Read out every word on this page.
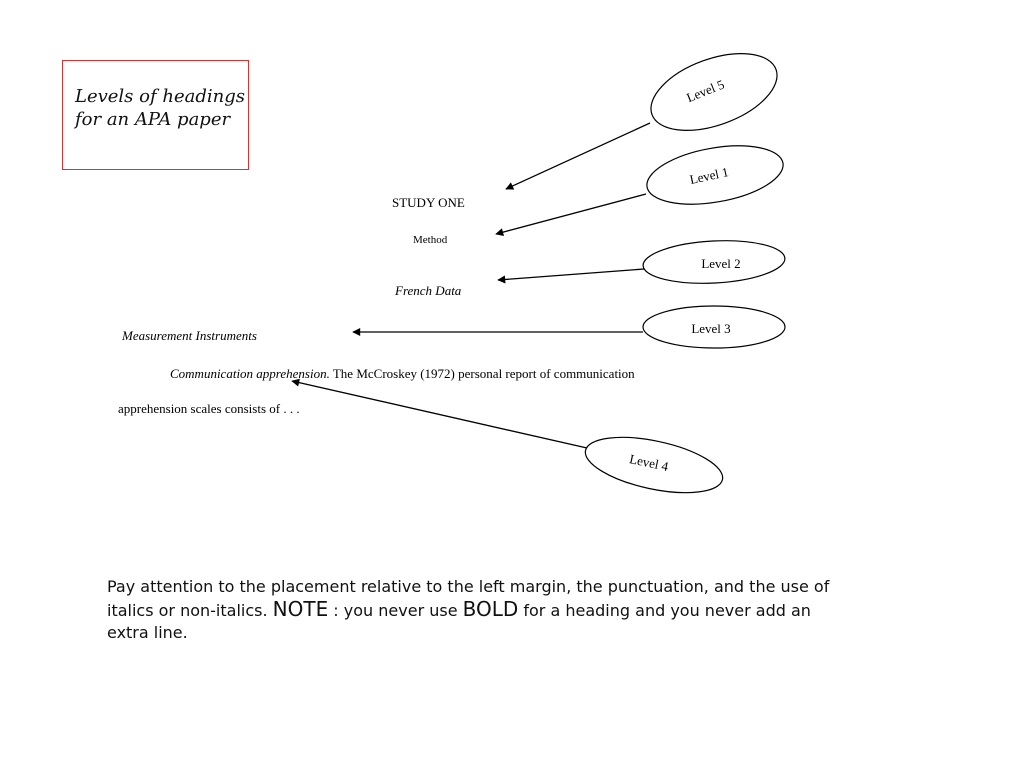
Levels of headings
for an APA paper
STUDY ONE
Method
French Data
Measurement Instruments
Communication apprehension. The McCroskey (1972) personal report of communication
apprehension scales consists of . . .
Level 5
Level 1
Level 2
Level 3
Level 4
Pay attention to the placement relative to the left margin, the punctuation, and the use of italics or non-italics. NOTE : you never use BOLD for a heading and you never add an extra line.
